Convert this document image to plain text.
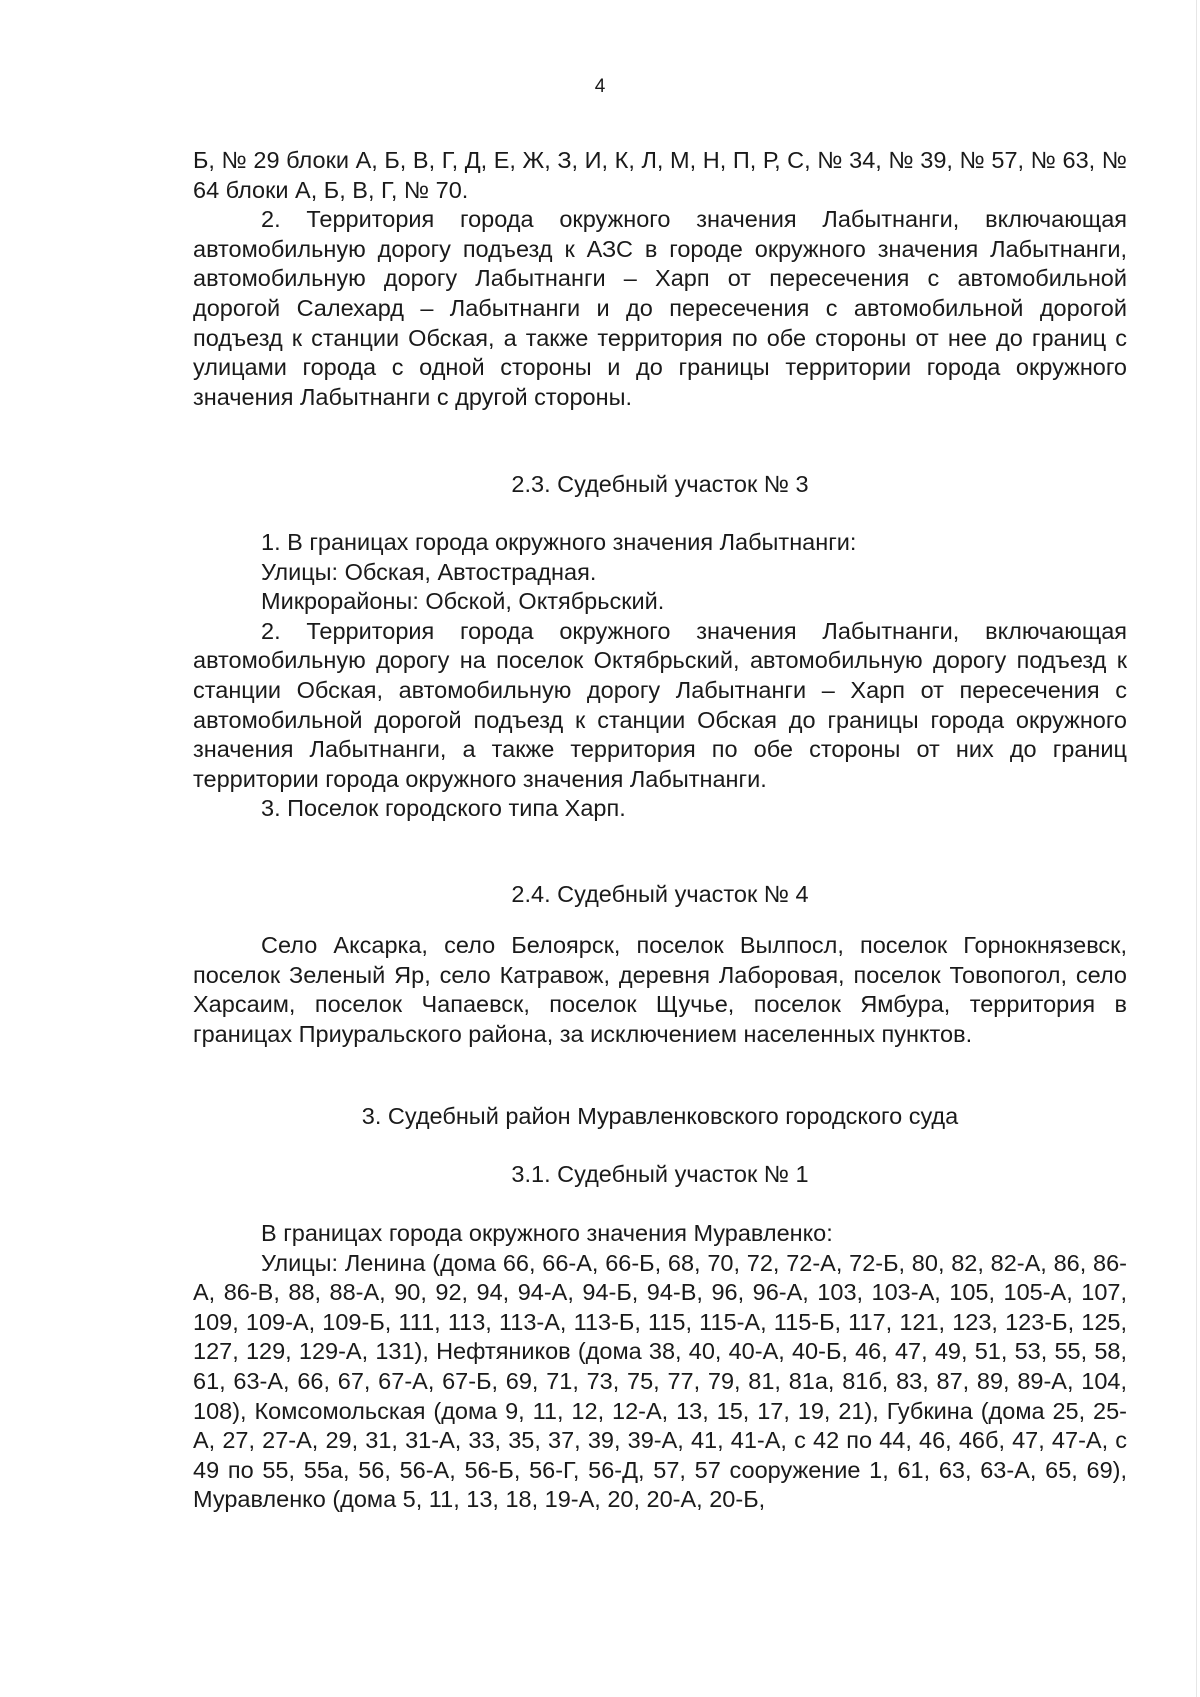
4

Б, № 29 блоки А, Б, В, Г, Д, Е, Ж, З, И, К, Л, М, Н, П, Р, С, № 34, № 39, № 57, № 63, № 64 блоки А, Б, В, Г, № 70.

2. Территория города окружного значения Лабытнанги, включающая автомобильную дорогу подъезд к АЗС в городе окружного значения Лабытнанги, автомобильную дорогу Лабытнанги – Харп от пересечения с автомобильной дорогой Салехард – Лабытнанги и до пересечения с автомобильной дорогой подъезд к станции Обская, а также территория по обе стороны от нее до границ с улицами города с одной стороны и до границы территории города окружного значения Лабытнанги с другой стороны.

2.3. Судебный участок № 3

1. В границах города окружного значения Лабытнанги:

Улицы: Обская, Автострадная.

Микрорайоны: Обской, Октябрьский.

2. Территория города окружного значения Лабытнанги, включающая автомобильную дорогу на поселок Октябрьский, автомобильную дорогу подъезд к станции Обская, автомобильную дорогу Лабытнанги – Харп от пересечения с автомобильной дорогой подъезд к станции Обская до границы города окружного значения Лабытнанги, а также территория по обе стороны от них до границ территории города окружного значения Лабытнанги.

3. Поселок городского типа Харп.

2.4. Судебный участок № 4

Село Аксарка, село Белоярск, поселок Вылпосл, поселок Горнокнязевск, поселок Зеленый Яр, село Катравож, деревня Лаборовая, поселок Товопогол, село Харсаим, поселок Чапаевск, поселок Щучье, поселок Ямбура, территория в границах Приуральского района, за исключением населенных пунктов.

3. Судебный район Муравленковского городского суда

3.1. Судебный участок № 1

В границах города окружного значения Муравленко:

Улицы: Ленина (дома 66, 66-А, 66-Б, 68, 70, 72, 72-А, 72-Б, 80, 82, 82-А, 86, 86-А, 86-В, 88, 88-А, 90, 92, 94, 94-А, 94-Б, 94-В, 96, 96-А, 103, 103-А, 105, 105-А, 107, 109, 109-А, 109-Б, 111, 113, 113-А, 113-Б, 115, 115-А, 115-Б, 117, 121, 123, 123-Б, 125, 127, 129, 129-А, 131), Нефтяников (дома 38, 40, 40-А, 40-Б, 46, 47, 49, 51, 53, 55, 58, 61, 63-А, 66, 67, 67-А, 67-Б, 69, 71, 73, 75, 77, 79, 81, 81а, 81б, 83, 87, 89, 89-А, 104, 108), Комсомольская (дома 9, 11, 12, 12-А, 13, 15, 17, 19, 21), Губкина (дома 25, 25-А, 27, 27-А, 29, 31, 31-А, 33, 35, 37, 39, 39-А, 41, 41-А, с 42 по 44, 46, 46б, 47, 47-А, с 49 по 55, 55а, 56, 56-А, 56-Б, 56-Г, 56-Д, 57, 57 сооружение 1, 61, 63, 63-А, 65, 69), Муравленко (дома 5, 11, 13, 18, 19-А, 20, 20-А, 20-Б,
